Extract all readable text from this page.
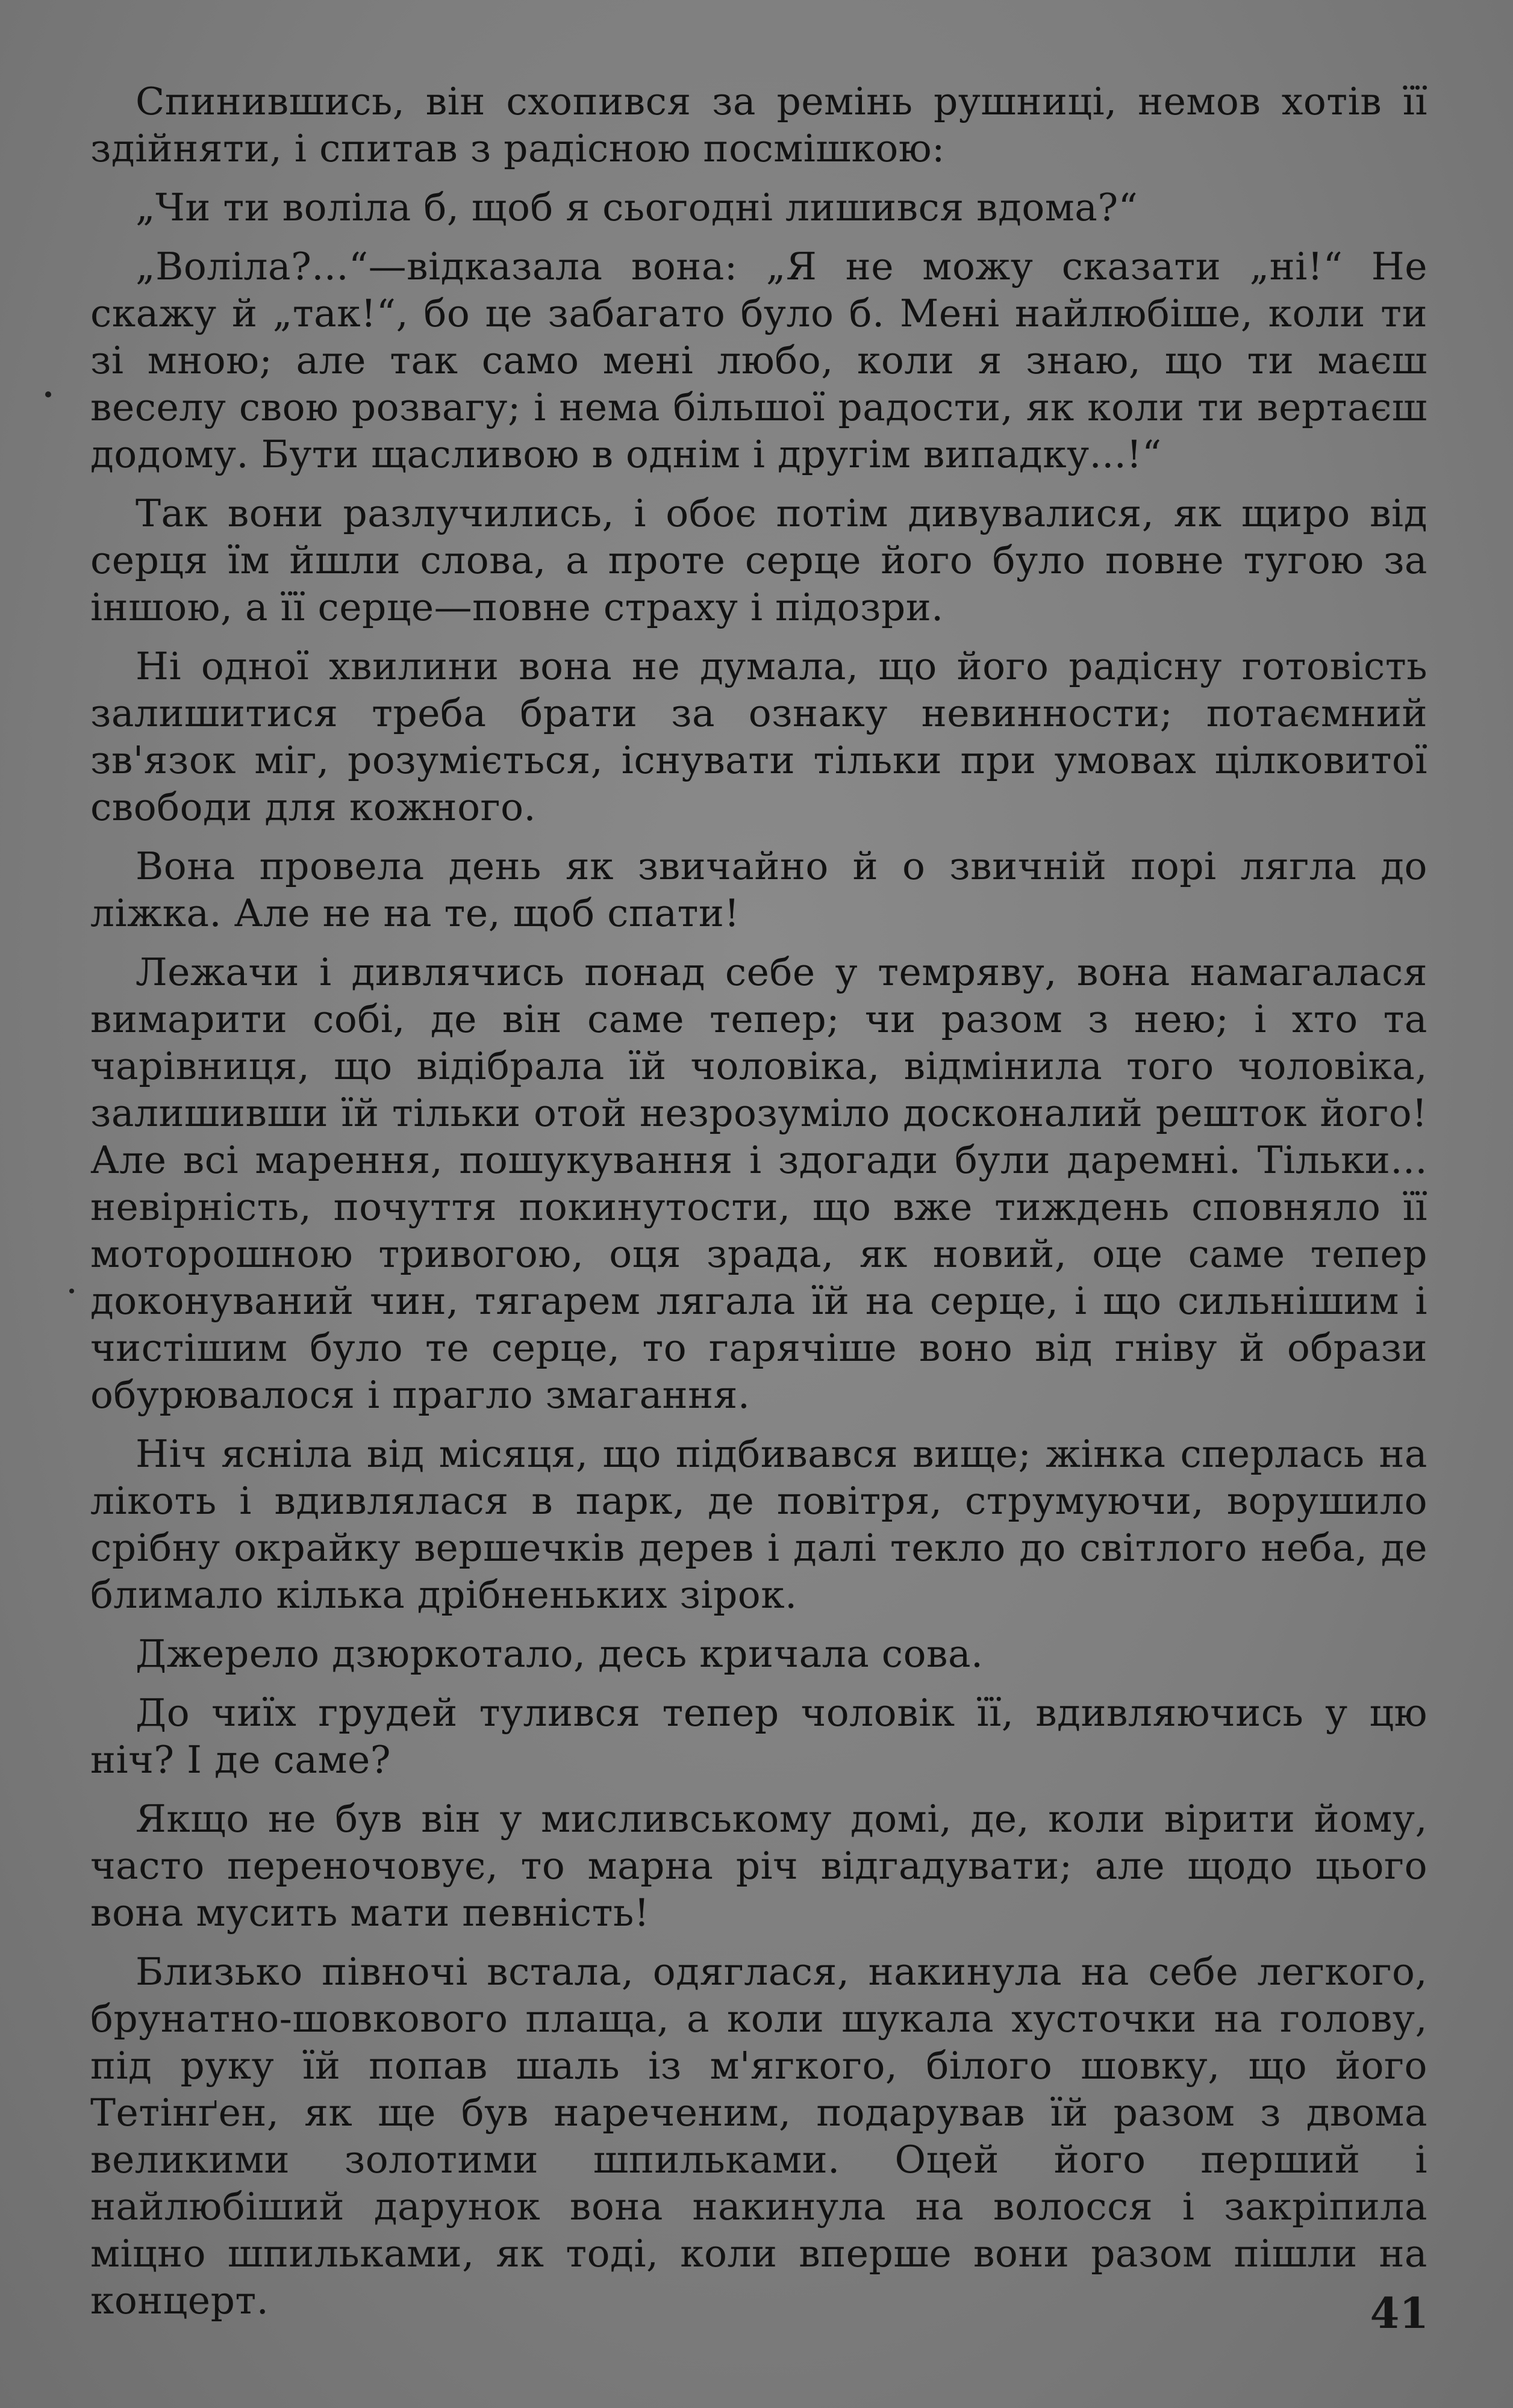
Спинившись, він схопився за ремінь рушниці, немов хотів її здійняти, і спитав з радісною посмішкою:

„Чи ти воліла б, щоб я сьогодні лишився вдома?“

„Воліла?...“—відказала вона: „Я не можу сказати „ні!“ Не скажу й „так!“, бо це забагато було б. Мені найлюбіше, коли ти зі мною; але так само мені любо, коли я знаю, що ти маєш веселу свою розвагу; і нема більшої радости, як коли ти вертаєш додому. Бути щасливою в однім і другім випадку...!“

Так вони разлучились, і обоє потім дивувалися, як щиро від серця їм йшли слова, а проте серце його було повне тугою за іншою, а її серце—повне страху і підозри.

Ні одної хвилини вона не думала, що його радісну готовість залишитися треба брати за ознаку невинности; потаємний зв'язок міг, розуміється, існувати тільки при умовах цілковитої свободи для кожного.

Вона провела день як звичайно й о звичній порі лягла до ліжка. Але не на те, щоб спати!

Лежачи і дивлячись понад себе у темряву, вона намагалася вимарити собі, де він саме тепер; чи разом з нею; і хто та чарівниця, що відібрала їй чоловіка, відмінила того чоловіка, залишивши їй тільки отой незрозуміло досконалий решток його! Але всі марення, пошукування і здогади були даремні. Тільки... невірність, почуття покинутости, що вже тиждень сповняло її моторошною тривогою, оця зрада, як новий, оце саме тепер доконуваний чин, тягарем лягала їй на серце, і що сильнішим і чистішим було те серце, то гарячіше воно від гніву й образи обурювалося і прагло змагання.

Ніч ясніла від місяця, що підбивався вище; жінка сперлась на лікоть і вдивлялася в парк, де повітря, струмуючи, ворушило срібну окрайку вершечків дерев і далі текло до світлого неба, де блимало кілька дрібненьких зірок.

Джерело дзюркотало, десь кричала сова.

До чиїх грудей тулився тепер чоловік її, вдивляючись у цю ніч? І де саме?

Якщо не був він у мисливському домі, де, коли вірити йому, часто переночовує, то марна річ відгадувати; але щодо цього вона мусить мати певність!

Близько півночі встала, одяглася, накинула на себе легкого, брунатно-шовкового плаща, а коли шукала хусточки на голову, під руку їй попав шаль із м'ягкого, білого шовку, що його Тетінґен, як ще був нареченим, подарував їй разом з двома великими золотими шпильками. Оцей його перший і найлюбіший дарунок вона накинула на волосся і закріпила міцно шпильками, як тоді, коли вперше вони разом пішли на концерт.	41
